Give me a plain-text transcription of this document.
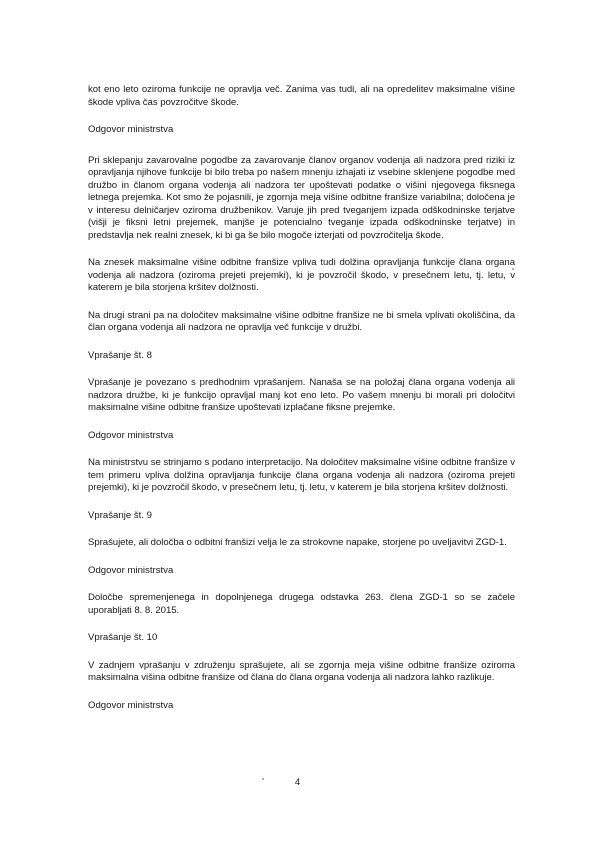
kot eno leto oziroma funkcije ne opravlja več. Zanima vas tudi, ali na opredelitev maksimalne višine škode vpliva čas povzročitve škode.

Odgovor ministrstva

Pri sklepanju zavarovalne pogodbe za zavarovanje članov organov vodenja ali nadzora pred riziki iz opravljanja njihove funkcije bi bilo treba po našem mnenju izhajati iz vsebine sklenjene pogodbe med družbo in članom organa vodenja ali nadzora ter upoštevati podatke o višini njegovega fiksnega letnega prejemka. Kot smo že pojasnili, je zgornja meja višine odbitne franšize variabilna; določena je v interesu delničarjev oziroma družbenikov. Varuje jih pred tveganjem izpada odškodninske terjatve (višji je fiksni letni prejemek, manjše je potencialno tveganje izpada odškodninske terjatve) in predstavlja nek realni znesek, ki bi ga še bilo mogoče izterjati od povzročitelja škode.

Na znesek maksimalne višine odbitne franšize vpliva tudi dolžina opravljanja funkcije člana organa vodenja ali nadzora (oziroma prejeti prejemki), ki je povzročil škodo, v presečnem letu, tj. letu, v katerem je bila storjena kršitev dolžnosti.

Na drugi strani pa na določitev maksimalne višine odbitne franšize ne bi smela vplivati okoliščina, da član organa vodenja ali nadzora ne opravlja več funkcije v družbi.

Vprašanje št. 8

Vprašanje je povezano s predhodnim vprašanjem. Nanaša se na položaj člana organa vodenja ali nadzora družbe, ki je funkcijo opravljal manj kot eno leto. Po vašem mnenju bi morali pri določitvi maksimalne višine odbitne franšize upoštevati izplačane fiksne prejemke.

Odgovor ministrstva

Na ministrstvu se strinjamo s podano interpretacijo. Na določitev maksimalne višine odbitne franšize v tem primeru vpliva dolžina opravljanja funkcije člana organa vodenja ali nadzora (oziroma prejeti prejemki), ki je povzročil škodo, v presečnem letu, tj. letu, v katerem je bila storjena kršitev dolžnosti.

Vprašanje št. 9

Sprašujete, ali določba o odbitni franšizi velja le za strokovne napake, storjene po uveljavitvi ZGD-1.

Odgovor ministrstva

Določbe spremenjenega in dopolnjenega drugega odstavka 263. člena ZGD-1 so se začele uporabljati 8. 8. 2015.

Vprašanje št. 10

V zadnjem vprašanju v združenju sprašujete, ali se zgornja meja višine odbitne franšize oziroma maksimalna višina odbitne franšize od člana do člana organa vodenja ali nadzora lahko razlikuje.

Odgovor ministrstva

4
